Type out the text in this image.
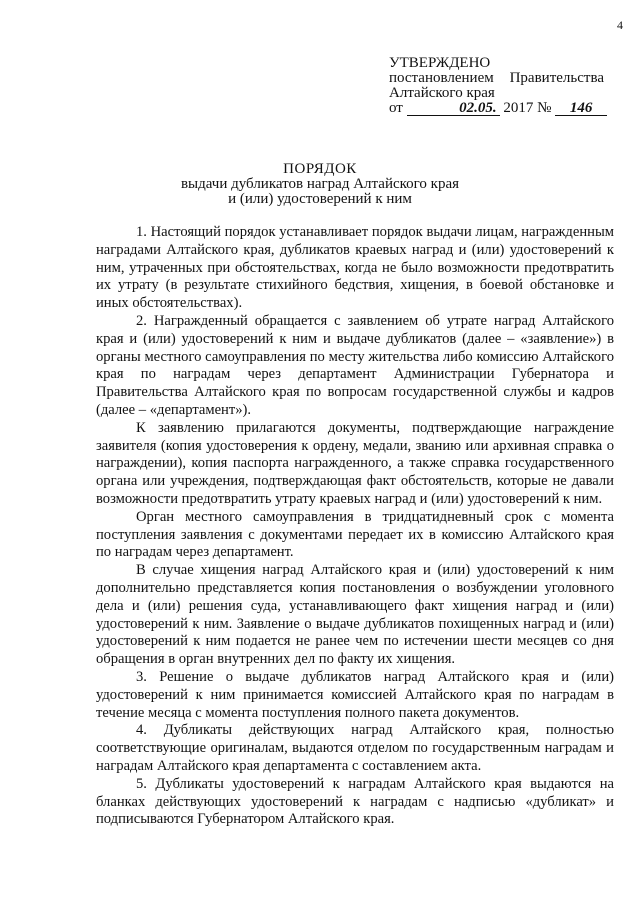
4
УТВЕРЖДЕНО
постановлением Правительства
Алтайского края
от	02.05. 2017 № 146
ПОРЯДОК
выдачи дубликатов наград Алтайского края
и (или) удостоверений к ним

1. Настоящий порядок устанавливает порядок выдачи лицам, награжденным наградами Алтайского края, дубликатов краевых наград и (или) удостоверений к ним, утраченных при обстоятельствах, когда не было возможности предотвратить их утрату (в результате стихийного бедствия, хищения, в боевой обстановке и иных обстоятельствах).

2. Награжденный обращается с заявлением об утрате наград Алтайского края и (или) удостоверений к ним и выдаче дубликатов (далее – «заявление») в органы местного самоуправления по месту жительства либо комиссию Алтайского края по наградам через департамент Администрации Губернатора и Правительства Алтайского края по вопросам государственной службы и кадров (далее – «департамент»).

К заявлению прилагаются документы, подтверждающие награждение заявителя (копия удостоверения к ордену, медали, званию или архивная справка о награждении), копия паспорта награжденного, а также справка государственного органа или учреждения, подтверждающая факт обстоятельств, которые не давали возможности предотвратить утрату краевых наград и (или) удостоверений к ним.

Орган местного самоуправления в тридцатидневный срок с момента поступления заявления с документами передает их в комиссию Алтайского края по наградам через департамент.

В случае хищения наград Алтайского края и (или) удостоверений к ним дополнительно представляется копия постановления о возбуждении уголовного дела и (или) решения суда, устанавливающего факт хищения наград и (или) удостоверений к ним. Заявление о выдаче дубликатов похищенных наград и (или) удостоверений к ним подается не ранее чем по истечении шести месяцев со дня обращения в орган внутренних дел по факту их хищения.

3. Решение о выдаче дубликатов наград Алтайского края и (или) удостоверений к ним принимается комиссией Алтайского края по наградам в течение месяца с момента поступления полного пакета документов.

4. Дубликаты действующих наград Алтайского края, полностью соответствующие оригиналам, выдаются отделом по государственным наградам и наградам Алтайского края департамента с составлением акта.

5. Дубликаты удостоверений к наградам Алтайского края выдаются на бланках действующих удостоверений к наградам с надписью «дубликат» и подписываются Губернатором Алтайского края.
